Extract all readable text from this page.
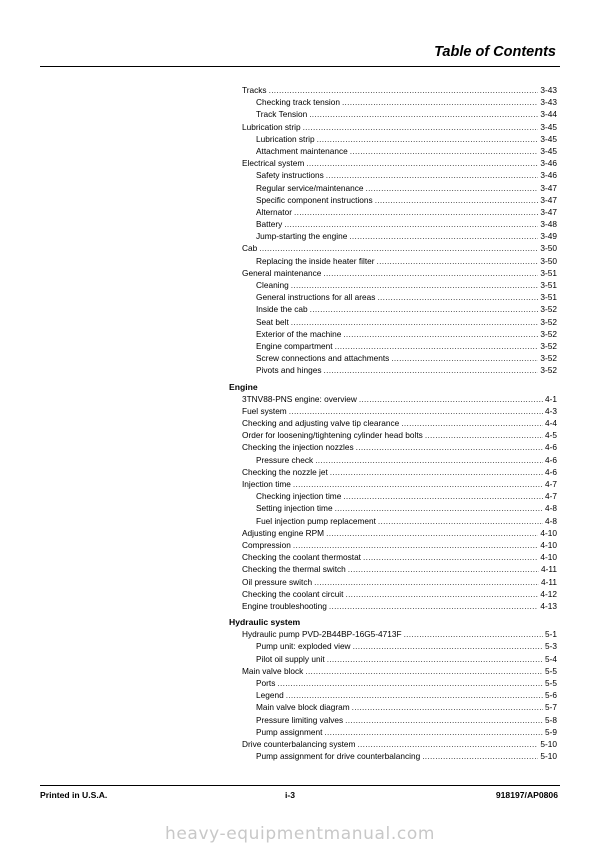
Table of Contents
Tracks .....	3-43
Checking track tension .....	3-43
Track Tension .....	3-44
Lubrication strip .....	3-45
Lubrication strip .....	3-45
Attachment maintenance .....	3-45
Electrical system .....	3-46
Safety instructions .....	3-46
Regular service/maintenance .....	3-47
Specific component instructions .....	3-47
Alternator .....	3-47
Battery .....	3-48
Jump-starting the engine .....	3-49
Cab .....	3-50
Replacing the inside heater filter .....	3-50
General maintenance .....	3-51
Cleaning .....	3-51
General instructions for all areas .....	3-51
Inside the cab .....	3-52
Seat belt .....	3-52
Exterior of the machine .....	3-52
Engine compartment .....	3-52
Screw connections and attachments .....	3-52
Pivots and hinges .....	3-52
Engine
3TNV88-PNS engine: overview .....	4-1
Fuel system .....	4-3
Checking and adjusting valve tip clearance .....	4-4
Order for loosening/tightening cylinder head bolts .....	4-5
Checking the injection nozzles .....	4-6
Pressure check .....	4-6
Checking the nozzle jet .....	4-6
Injection time .....	4-7
Checking injection time .....	4-7
Setting injection time .....	4-8
Fuel injection pump replacement .....	4-8
Adjusting engine RPM .....	4-10
Compression .....	4-10
Checking the coolant thermostat .....	4-10
Checking the thermal switch .....	4-11
Oil pressure switch .....	4-11
Checking the coolant circuit .....	4-12
Engine troubleshooting .....	4-13
Hydraulic system
Hydraulic pump PVD-2B44BP-16G5-4713F .....	5-1
Pump unit: exploded view .....	5-3
Pilot oil supply unit .....	5-4
Main valve block .....	5-5
Ports .....	5-5
Legend .....	5-6
Main valve block diagram .....	5-7
Pressure limiting valves .....	5-8
Pump assignment .....	5-9
Drive counterbalancing system .....	5-10
Pump assignment for drive counterbalancing .....	5-10
Printed in U.S.A.	i-3	918197/AP0806
heavy-equipmentmanual.com
